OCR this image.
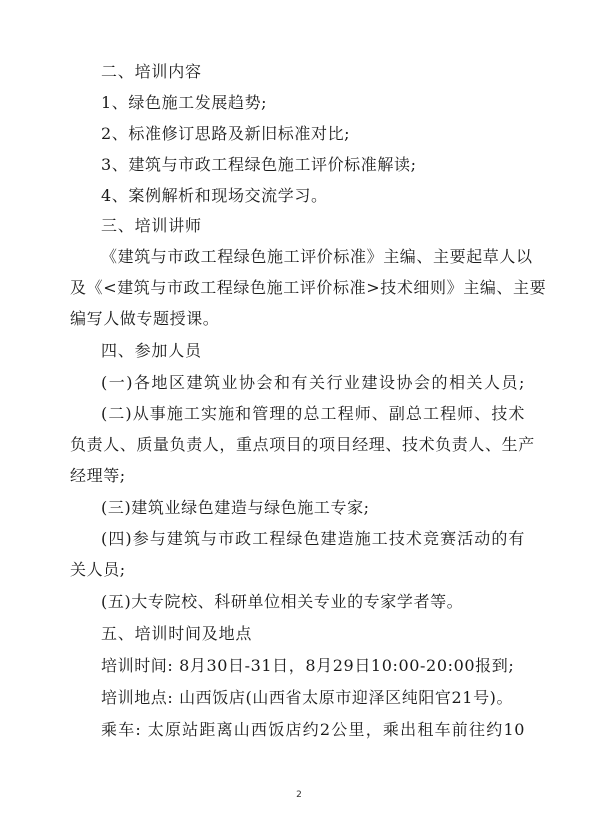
二、培训内容
1、绿色施工发展趋势;
2、标准修订思路及新旧标准对比;
3、建筑与市政工程绿色施工评价标准解读;
4、案例解析和现场交流学习。
三、培训讲师
《建筑与市政工程绿色施工评价标准》主编、主要起草人以
及《<建筑与市政工程绿色施工评价标准>技术细则》主编、主要
编写人做专题授课。
四、参加人员
(一)各地区建筑业协会和有关行业建设协会的相关人员;
(二)从事施工实施和管理的总工程师、副总工程师、技术
负责人、质量负责人，重点项目的项目经理、技术负责人、生产
经理等;
(三)建筑业绿色建造与绿色施工专家;
(四)参与建筑与市政工程绿色建造施工技术竞赛活动的有
关人员;
(五)大专院校、科研单位相关专业的专家学者等。
五、培训时间及地点
培训时间: 8月30日-31日，8月29日10:00-20:00报到;
培训地点: 山西饭店(山西省太原市迎泽区纯阳官21号)。
乘车: 太原站距离山西饭店约2公里，乘出租车前往约10
2
